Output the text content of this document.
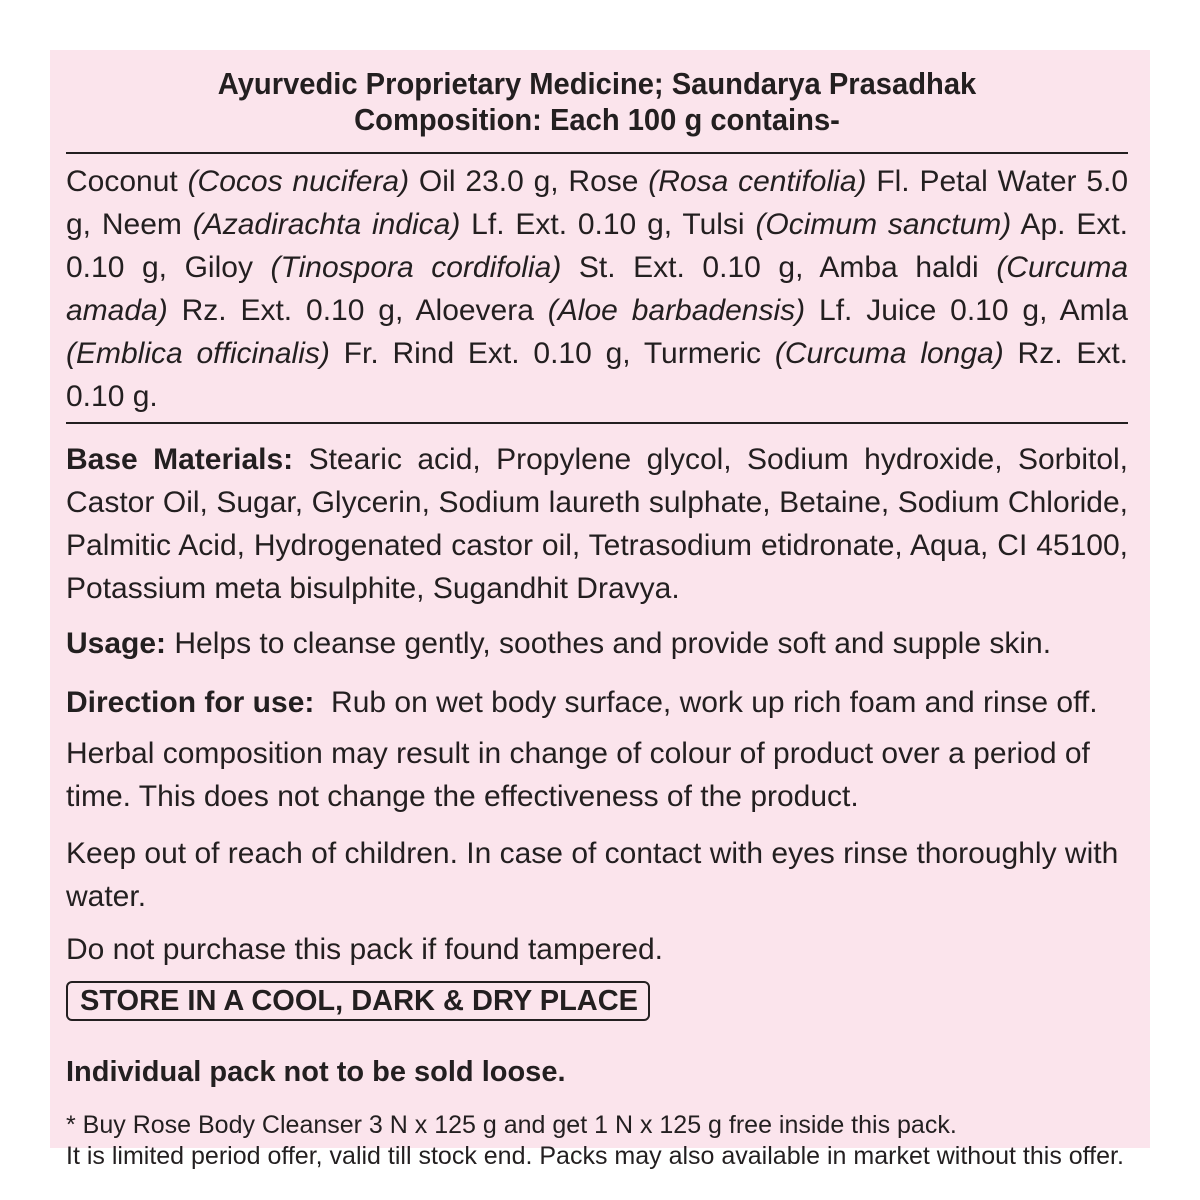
Ayurvedic Proprietary Medicine; Saundarya Prasadhak
Composition: Each 100 g contains-

Coconut (Cocos nucifera) Oil 23.0 g, Rose (Rosa centifolia) Fl. Petal Water 5.0 g, Neem (Azadirachta indica) Lf. Ext. 0.10 g, Tulsi (Ocimum sanctum) Ap. Ext. 0.10 g, Giloy (Tinospora cordifolia) St. Ext. 0.10 g, Amba haldi (Curcuma amada) Rz. Ext. 0.10 g, Aloevera (Aloe barbadensis) Lf. Juice 0.10 g, Amla (Emblica officinalis) Fr. Rind Ext. 0.10 g, Turmeric (Curcuma longa) Rz. Ext. 0.10 g.

Base Materials: Stearic acid, Propylene glycol, Sodium hydroxide, Sorbitol, Castor Oil, Sugar, Glycerin, Sodium laureth sulphate, Betaine, Sodium Chloride, Palmitic Acid, Hydrogenated castor oil, Tetrasodium etidronate, Aqua, CI 45100, Potassium meta bisulphite, Sugandhit Dravya.

Usage: Helps to cleanse gently, soothes and provide soft and supple skin.

Direction for use: Rub on wet body surface, work up rich foam and rinse off.

Herbal composition may result in change of colour of product over a period of time. This does not change the effectiveness of the product.

Keep out of reach of children. In case of contact with eyes rinse thoroughly with water.

Do not purchase this pack if found tampered.

STORE IN A COOL, DARK & DRY PLACE

Individual pack not to be sold loose.

* Buy Rose Body Cleanser 3 N x 125 g and get 1 N x 125 g free inside this pack.

It is limited period offer, valid till stock end. Packs may also available in market without this offer.
